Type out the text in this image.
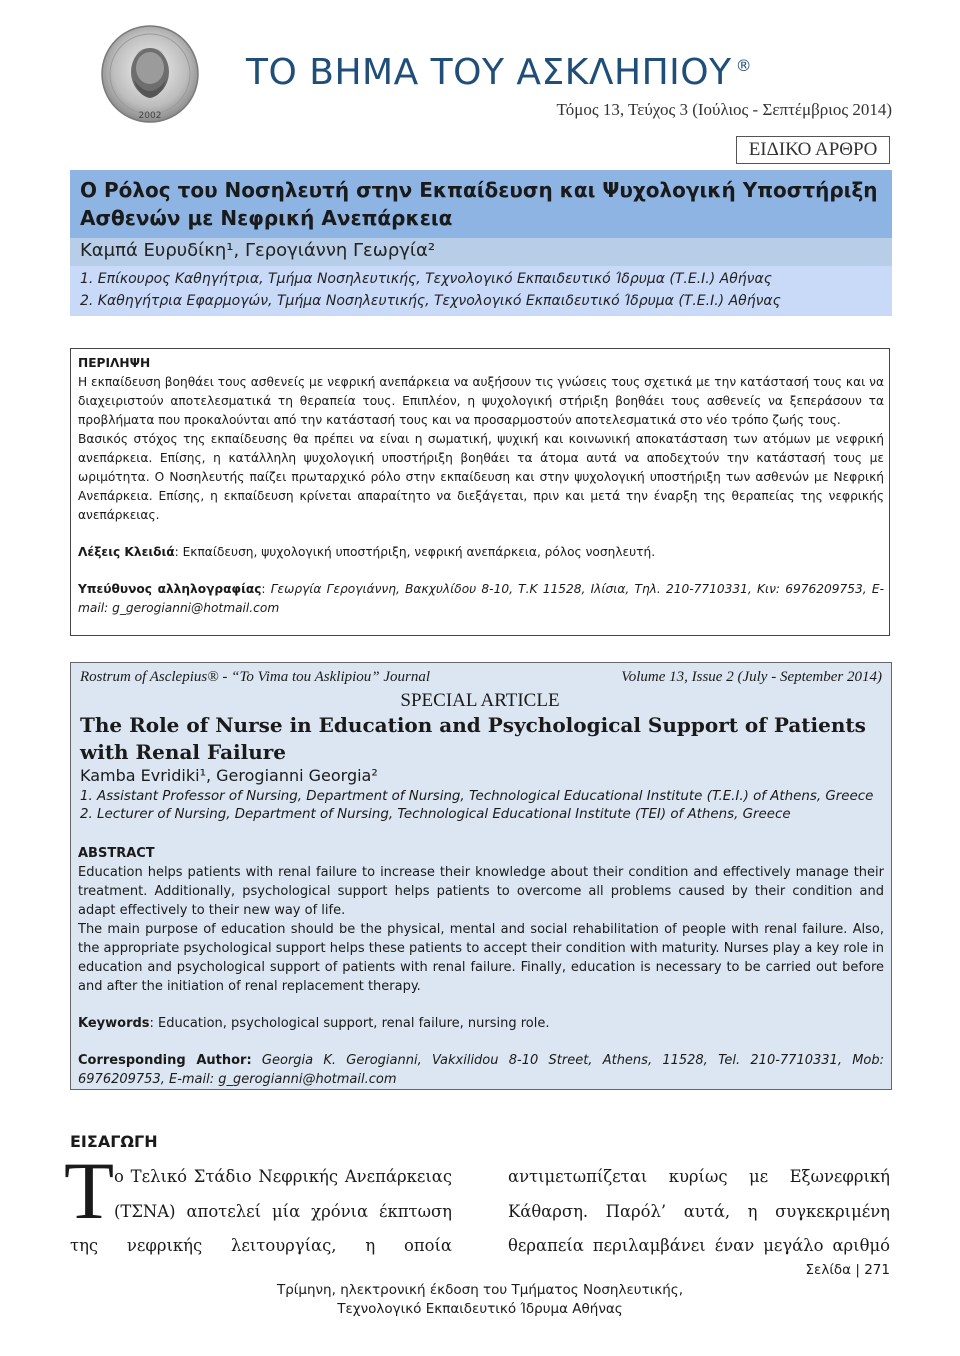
2002
ΤΟ ΒΗΜΑ ΤΟΥ ΑΣΚΛΗΠΙΟΥ ®
Τόμος 13, Τεύχος 3 (Ιούλιος - Σεπτέμβριος 2014)
ΕΙΔΙΚΟ ΑΡΘΡΟ
Ο Ρόλος του Νοσηλευτή στην Εκπαίδευση και Ψυχολογική Υποστήριξη
Ασθενών με Νεφρική Ανεπάρκεια
Καμπά Ευρυδίκη¹, Γερογιάννη Γεωργία²
1. Επίκουρος Καθηγήτρια, Τμήμα Νοσηλευτικής, Τεχνολογικό Εκπαιδευτικό Ίδρυμα (Τ.Ε.Ι.) Αθήνας
2. Καθηγήτρια Εφαρμογών, Τμήμα Νοσηλευτικής, Τεχνολογικό Εκπαιδευτικό Ίδρυμα (Τ.Ε.Ι.) Αθήνας

ΠΕΡΙΛΗΨΗ

Η εκπαίδευση βοηθάει τους ασθενείς με νεφρική ανεπάρκεια να αυξήσουν τις γνώσεις τους σχετικά με την κατάστασή τους και να διαχειριστούν αποτελεσματικά τη θεραπεία τους. Επιπλέον, η ψυχολογική στήριξη βοηθάει τους ασθενείς να ξεπεράσουν τα προβλήματα που προκαλούνται από την κατάστασή τους και να προσαρμοστούν αποτελεσματικά στο νέο τρόπο ζωής τους.

Βασικός στόχος της εκπαίδευσης θα πρέπει να είναι η σωματική, ψυχική και κοινωνική αποκατάσταση των ατόμων με νεφρική ανεπάρκεια. Επίσης, η κατάλληλη ψυχολογική υποστήριξη βοηθάει τα άτομα αυτά να αποδεχτούν την κατάστασή τους με ωριμότητα. Ο Νοσηλευτής παίζει πρωταρχικό ρόλο στην εκπαίδευση και στην ψυχολογική υποστήριξη των ασθενών με Νεφρική Ανεπάρκεια. Επίσης, η εκπαίδευση κρίνεται απαραίτητο να διεξάγεται, πριν και μετά την έναρξη της θεραπείας της νεφρικής ανεπάρκειας.

Λέξεις Κλειδιά: Εκπαίδευση, ψυχολογική υποστήριξη, νεφρική ανεπάρκεια, ρόλος νοσηλευτή.

Υπεύθυνος αλληλογραφίας: Γεωργία Γερογιάννη, Βακχυλίδου 8-10, Τ.Κ 11528, Ιλίσια, Τηλ. 210-7710331, Κιν: 6976209753, E-mail: g_gerogianni@hotmail.com

Rostrum of Asclepius® - “To Vima tou Asklipiou” Journal	Volume 13, Issue 2 (July - September 2014)
SPECIAL ARTICLE
The Role of Nurse in Education and Psychological Support of Patients with Renal Failure
Kamba Evridiki¹, Gerogianni Georgia²
1. Assistant Professor of Nursing, Department of Nursing, Technological Educational Institute (T.E.I.) of Athens, Greece
2. Lecturer of Nursing, Department of Nursing, Technological Educational Institute (TEI) of Athens, Greece

ABSTRACT

Education helps patients with renal failure to increase their knowledge about their condition and effectively manage their treatment. Additionally, psychological support helps patients to overcome all problems caused by their condition and adapt effectively to their new way of life.

The main purpose of education should be the physical, mental and social rehabilitation of people with renal failure. Also, the appropriate psychological support helps these patients to accept their condition with maturity. Nurses play a key role in education and psychological support of patients with renal failure. Finally, education is necessary to be carried out before and after the initiation of renal replacement therapy.

Keywords: Education, psychological support, renal failure, nursing role.

Corresponding Author: Georgia K. Gerogianni, Vakxilidou 8-10 Street, Athens, 11528, Tel. 210-7710331, Mob: 6976209753, E-mail: g_gerogianni@hotmail.com

ΕΙΣΑΓΩΓΗ
Τ ο Τελικό Στάδιο Νεφρικής Ανεπάρκειας
(ΤΣΝΑ) αποτελεί μία χρόνια έκπτωση
της νεφρικής λειτουργίας, η οποία
αντιμετωπίζεται κυρίως με Εξωνεφρική
Κάθαρση. Παρόλ’ αυτά, η συγκεκριμένη
θεραπεία περιλαμβάνει έναν μεγάλο αριθμό
Σελίδα | 271
Τρίμηνη, ηλεκτρονική έκδοση του Τμήματος Νοσηλευτικής,
Τεχνολογικό Εκπαιδευτικό Ίδρυμα Αθήνας
